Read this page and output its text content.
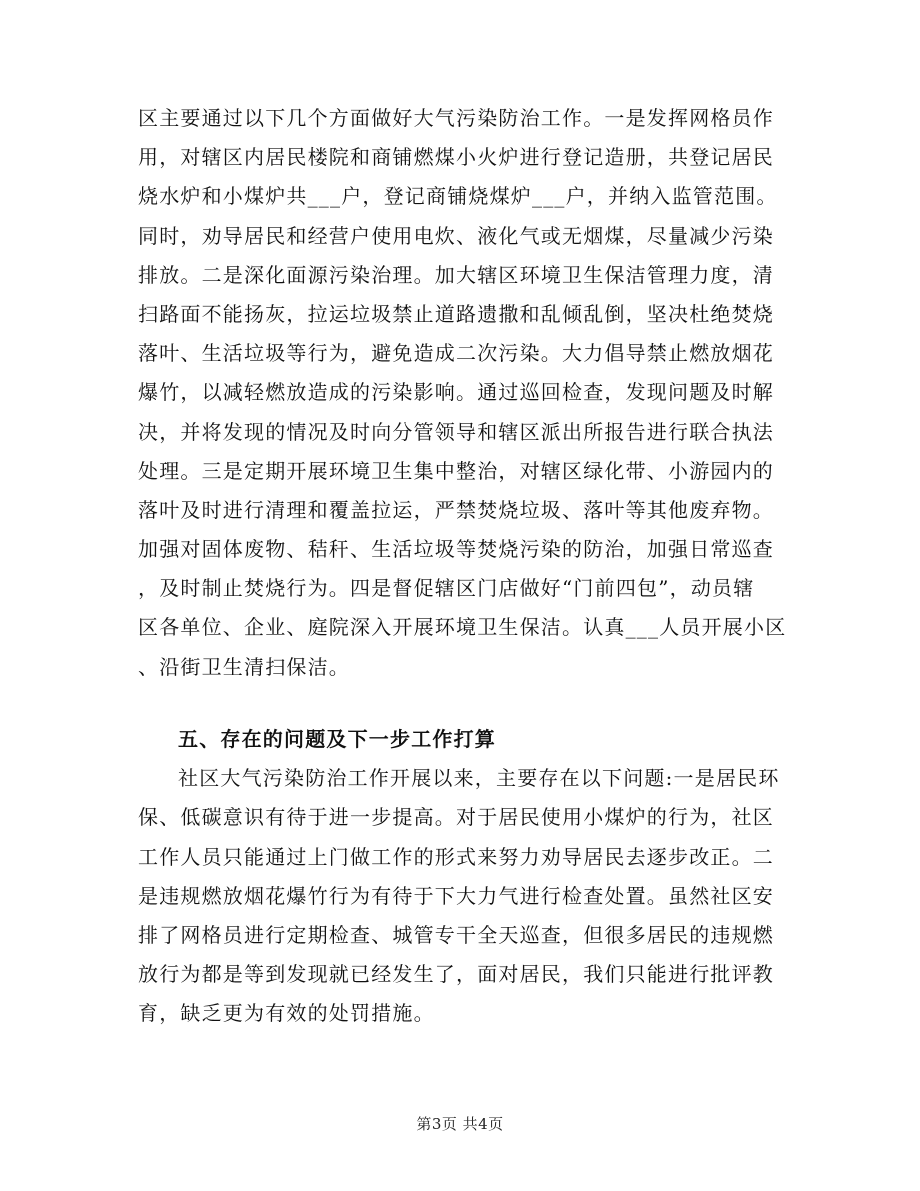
区主要通过以下几个方面做好大气污染防治工作。一是发挥网格员作
用，对辖区内居民楼院和商铺燃煤小火炉进行登记造册，共登记居民
烧水炉和小煤炉共___户，登记商铺烧煤炉___户，并纳入监管范围。
同时，劝导居民和经营户使用电炊、液化气或无烟煤，尽量减少污染
排放。二是深化面源污染治理。加大辖区环境卫生保洁管理力度，清
扫路面不能扬灰，拉运垃圾禁止道路遗撒和乱倾乱倒，坚决杜绝焚烧
落叶、生活垃圾等行为，避免造成二次污染。大力倡导禁止燃放烟花
爆竹，以减轻燃放造成的污染影响。通过巡回检查，发现问题及时解
决，并将发现的情况及时向分管领导和辖区派出所报告进行联合执法
处理。三是定期开展环境卫生集中整治，对辖区绿化带、小游园内的
落叶及时进行清理和覆盖拉运，严禁焚烧垃圾、落叶等其他废弃物。
加强对固体废物、秸秆、生活垃圾等焚烧污染的防治，加强日常巡查
，及时制止焚烧行为。四是督促辖区门店做好“门前四包”，动员辖
区各单位、企业、庭院深入开展环境卫生保洁。认真___人员开展小区
、沿街卫生清扫保洁。
五、存在的问题及下一步工作打算
社区大气污染防治工作开展以来，主要存在以下问题:一是居民环
保、低碳意识有待于进一步提高。对于居民使用小煤炉的行为，社区
工作人员只能通过上门做工作的形式来努力劝导居民去逐步改正。二
是违规燃放烟花爆竹行为有待于下大力气进行检查处置。虽然社区安
排了网格员进行定期检查、城管专干全天巡查，但很多居民的违规燃
放行为都是等到发现就已经发生了，面对居民，我们只能进行批评教
育，缺乏更为有效的处罚措施。
第3页 共4页
